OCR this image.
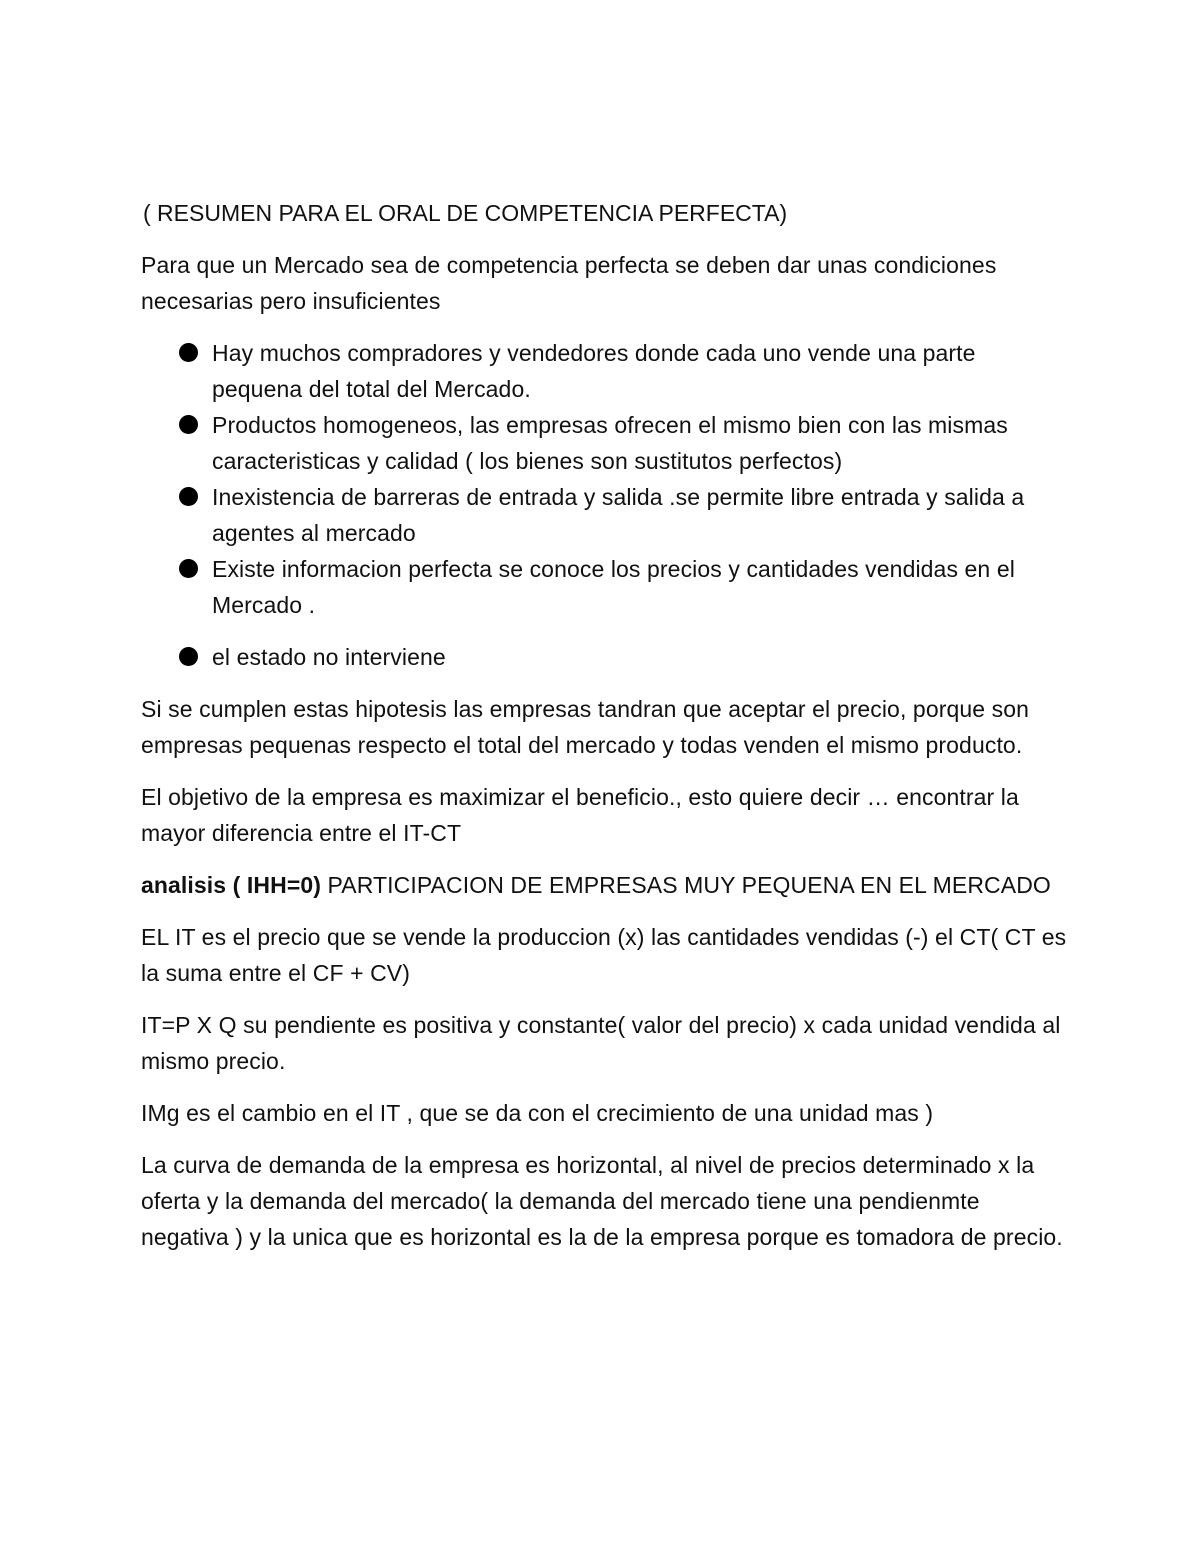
( RESUMEN PARA EL ORAL DE COMPETENCIA PERFECTA)

Para que un Mercado sea de competencia perfecta se deben dar unas condiciones necesarias pero insuficientes

Hay muchos compradores y vendedores donde cada uno vende una parte pequena del total del Mercado.
Productos homogeneos, las empresas ofrecen el mismo bien con las mismas caracteristicas y calidad ( los bienes son sustitutos perfectos)
Inexistencia de barreras de entrada y salida .se permite libre entrada y salida a agentes al mercado
Existe informacion perfecta se conoce los precios y cantidades vendidas en el Mercado .
el estado no interviene

Si se cumplen estas hipotesis las empresas tandran que aceptar el precio, porque son empresas pequenas respecto el total del mercado y todas venden el mismo producto.

El objetivo de la empresa es maximizar el beneficio., esto quiere decir … encontrar la mayor diferencia entre el IT-CT

analisis ( IHH=0) PARTICIPACION DE EMPRESAS MUY PEQUENA EN EL MERCADO

EL IT es el precio que se vende la produccion (x) las cantidades vendidas (-) el CT( CT es la suma entre el CF + CV)

IT=P X Q su pendiente es positiva y constante( valor del precio) x cada unidad vendida al mismo precio.

IMg es el cambio en el IT , que se da con el crecimiento de una unidad mas )

La curva de demanda de la empresa es horizontal, al nivel de precios determinado x la oferta y la demanda del mercado( la demanda del mercado tiene una pendienmte negativa ) y la unica que es horizontal es la de la empresa porque es tomadora de precio.
